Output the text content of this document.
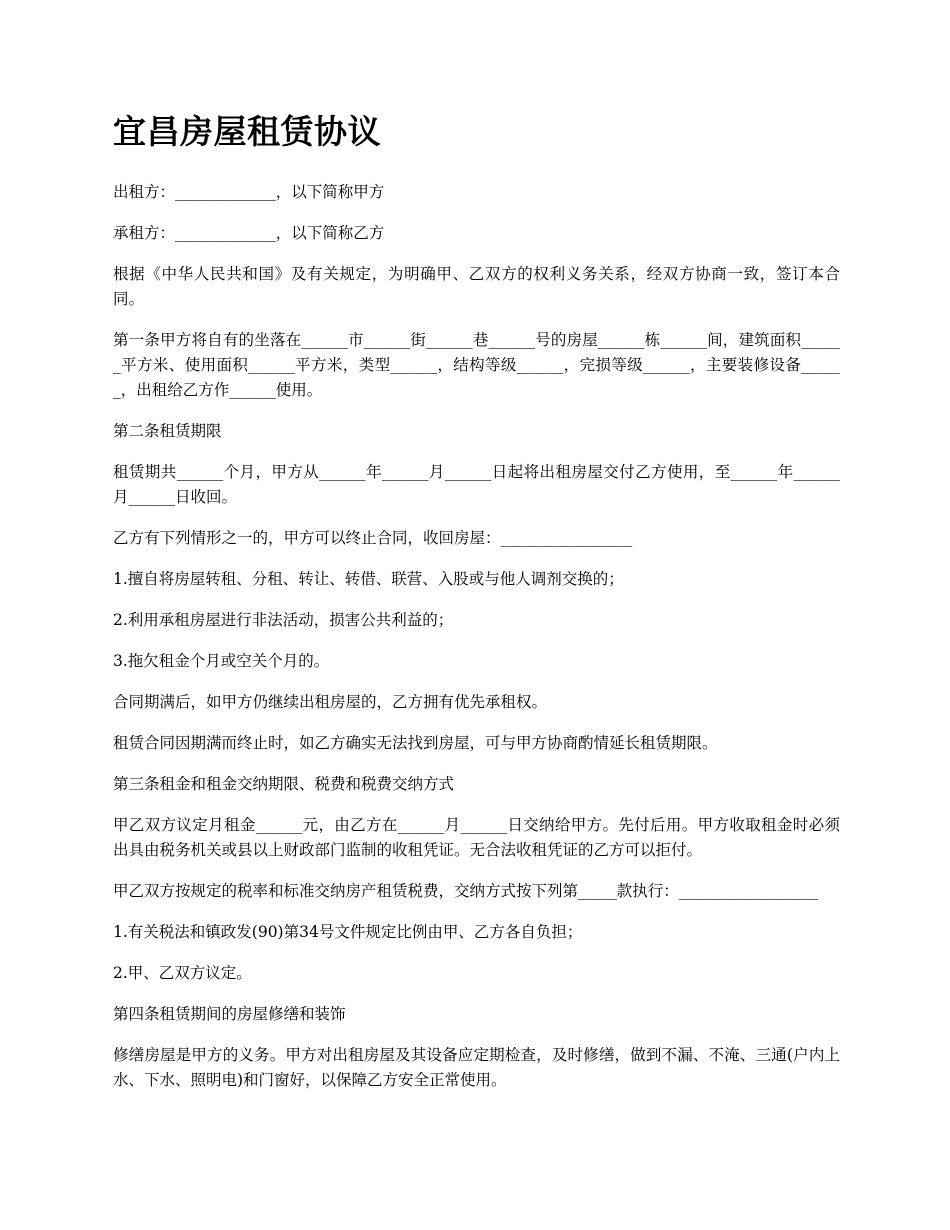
宜昌房屋租赁协议

出租方：_____________，以下简称甲方

承租方：_____________，以下简称乙方

根据《中华人民共和国》及有关规定，为明确甲、乙双方的权利义务关系，经双方协商一致，签订本合同。

第一条甲方将自有的坐落在______市______街______巷______号的房屋______栋______间，建筑面积______平方米、使用面积______平方米，类型______，结构等级______，完损等级______，主要装修设备______，出租给乙方作______使用。

第二条租赁期限

租赁期共______个月，甲方从______年______月______日起将出租房屋交付乙方使用，至______年______月______日收回。

乙方有下列情形之一的，甲方可以终止合同，收回房屋：_________________

1.擅自将房屋转租、分租、转让、转借、联营、入股或与他人调剂交换的；

2.利用承租房屋进行非法活动，损害公共利益的；

3.拖欠租金个月或空关个月的。

合同期满后，如甲方仍继续出租房屋的，乙方拥有优先承租权。

租赁合同因期满而终止时，如乙方确实无法找到房屋，可与甲方协商酌情延长租赁期限。

第三条租金和租金交纳期限、税费和税费交纳方式

甲乙双方议定月租金______元，由乙方在______月______日交纳给甲方。先付后用。甲方收取租金时必须出具由税务机关或县以上财政部门监制的收租凭证。无合法收租凭证的乙方可以拒付。

甲乙双方按规定的税率和标准交纳房产租赁税费，交纳方式按下列第_____款执行：__________________

1.有关税法和镇政发(90)第34号文件规定比例由甲、乙方各自负担；

2.甲、乙双方议定。

第四条租赁期间的房屋修缮和装饰

修缮房屋是甲方的义务。甲方对出租房屋及其设备应定期检查，及时修缮，做到不漏、不淹、三通(户内上水、下水、照明电)和门窗好，以保障乙方安全正常使用。
